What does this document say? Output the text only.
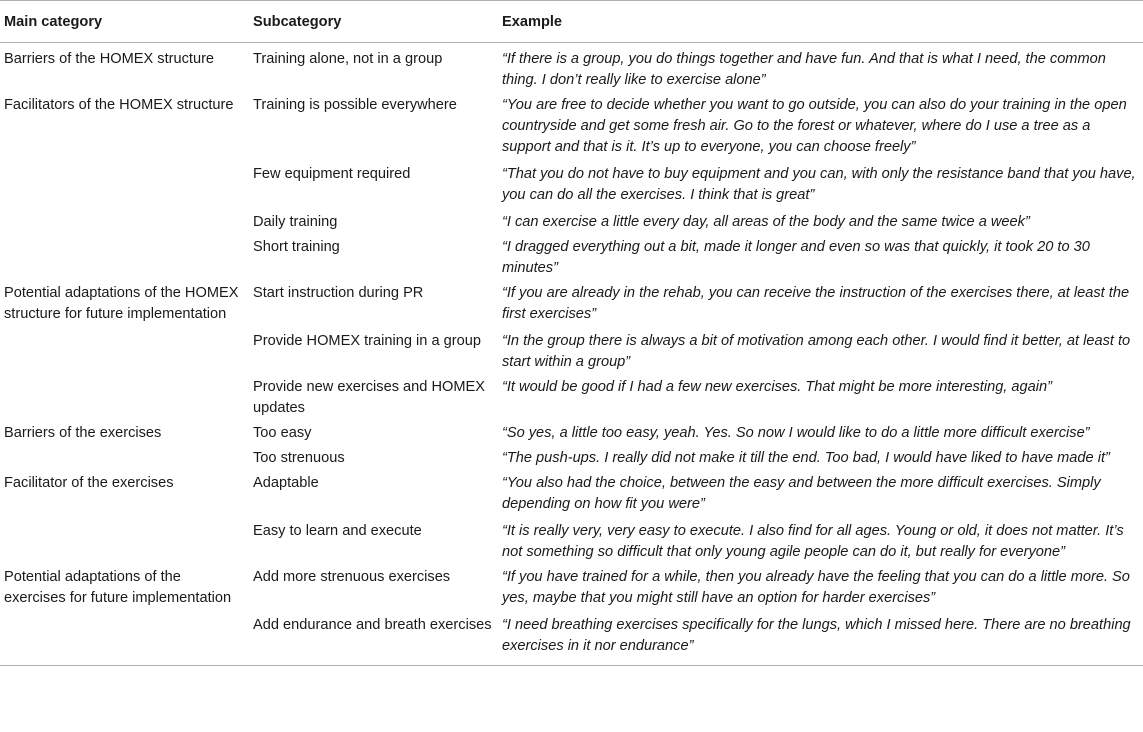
Main category	Subcategory	Example
Barriers of the HOMEX structure	Training alone, not in a group	“If there is a group, you do things together and have fun. And that is what I need, the common thing. I don’t really like to exercise alone”
Facilitators of the HOMEX structure	Training is possible everywhere	“You are free to decide whether you want to go outside, you can also do your training in the open countryside and get some fresh air. Go to the forest or whatever, where do I use a tree as a support and that is it. It’s up to everyone, you can choose freely”
	Few equipment required	“That you do not have to buy equipment and you can, with only the resistance band that you have, you can do all the exercises. I think that is great”
	Daily training	“I can exercise a little every day, all areas of the body and the same twice a week”
	Short training	“I dragged everything out a bit, made it longer and even so was that quickly, it took 20 to 30 minutes”
Potential adaptations of the HOMEX structure for future implementation	Start instruction during PR	“If you are already in the rehab, you can receive the instruction of the exercises there, at least the first exercises”
	Provide HOMEX training in a group	“In the group there is always a bit of motivation among each other. I would find it better, at least to start within a group”
	Provide new exercises and HOMEX updates	“It would be good if I had a few new exercises. That might be more interesting, again”
Barriers of the exercises	Too easy	“So yes, a little too easy, yeah. Yes. So now I would like to do a little more difficult exercise”
	Too strenuous	“The push-ups. I really did not make it till the end. Too bad, I would have liked to have made it”
Facilitator of the exercises	Adaptable	“You also had the choice, between the easy and between the more difficult exercises. Simply depending on how fit you were”
	Easy to learn and execute	“It is really very, very easy to execute. I also find for all ages. Young or old, it does not matter. It’s not something so difficult that only young agile people can do it, but really for everyone”
Potential adaptations of the exercises for future implementation	Add more strenuous exercises	“If you have trained for a while, then you already have the feeling that you can do a little more. So yes, maybe that you might still have an option for harder exercises”
	Add endurance and breath exercises	“I need breathing exercises specifically for the lungs, which I missed here. There are no breathing exercises in it nor endurance”
